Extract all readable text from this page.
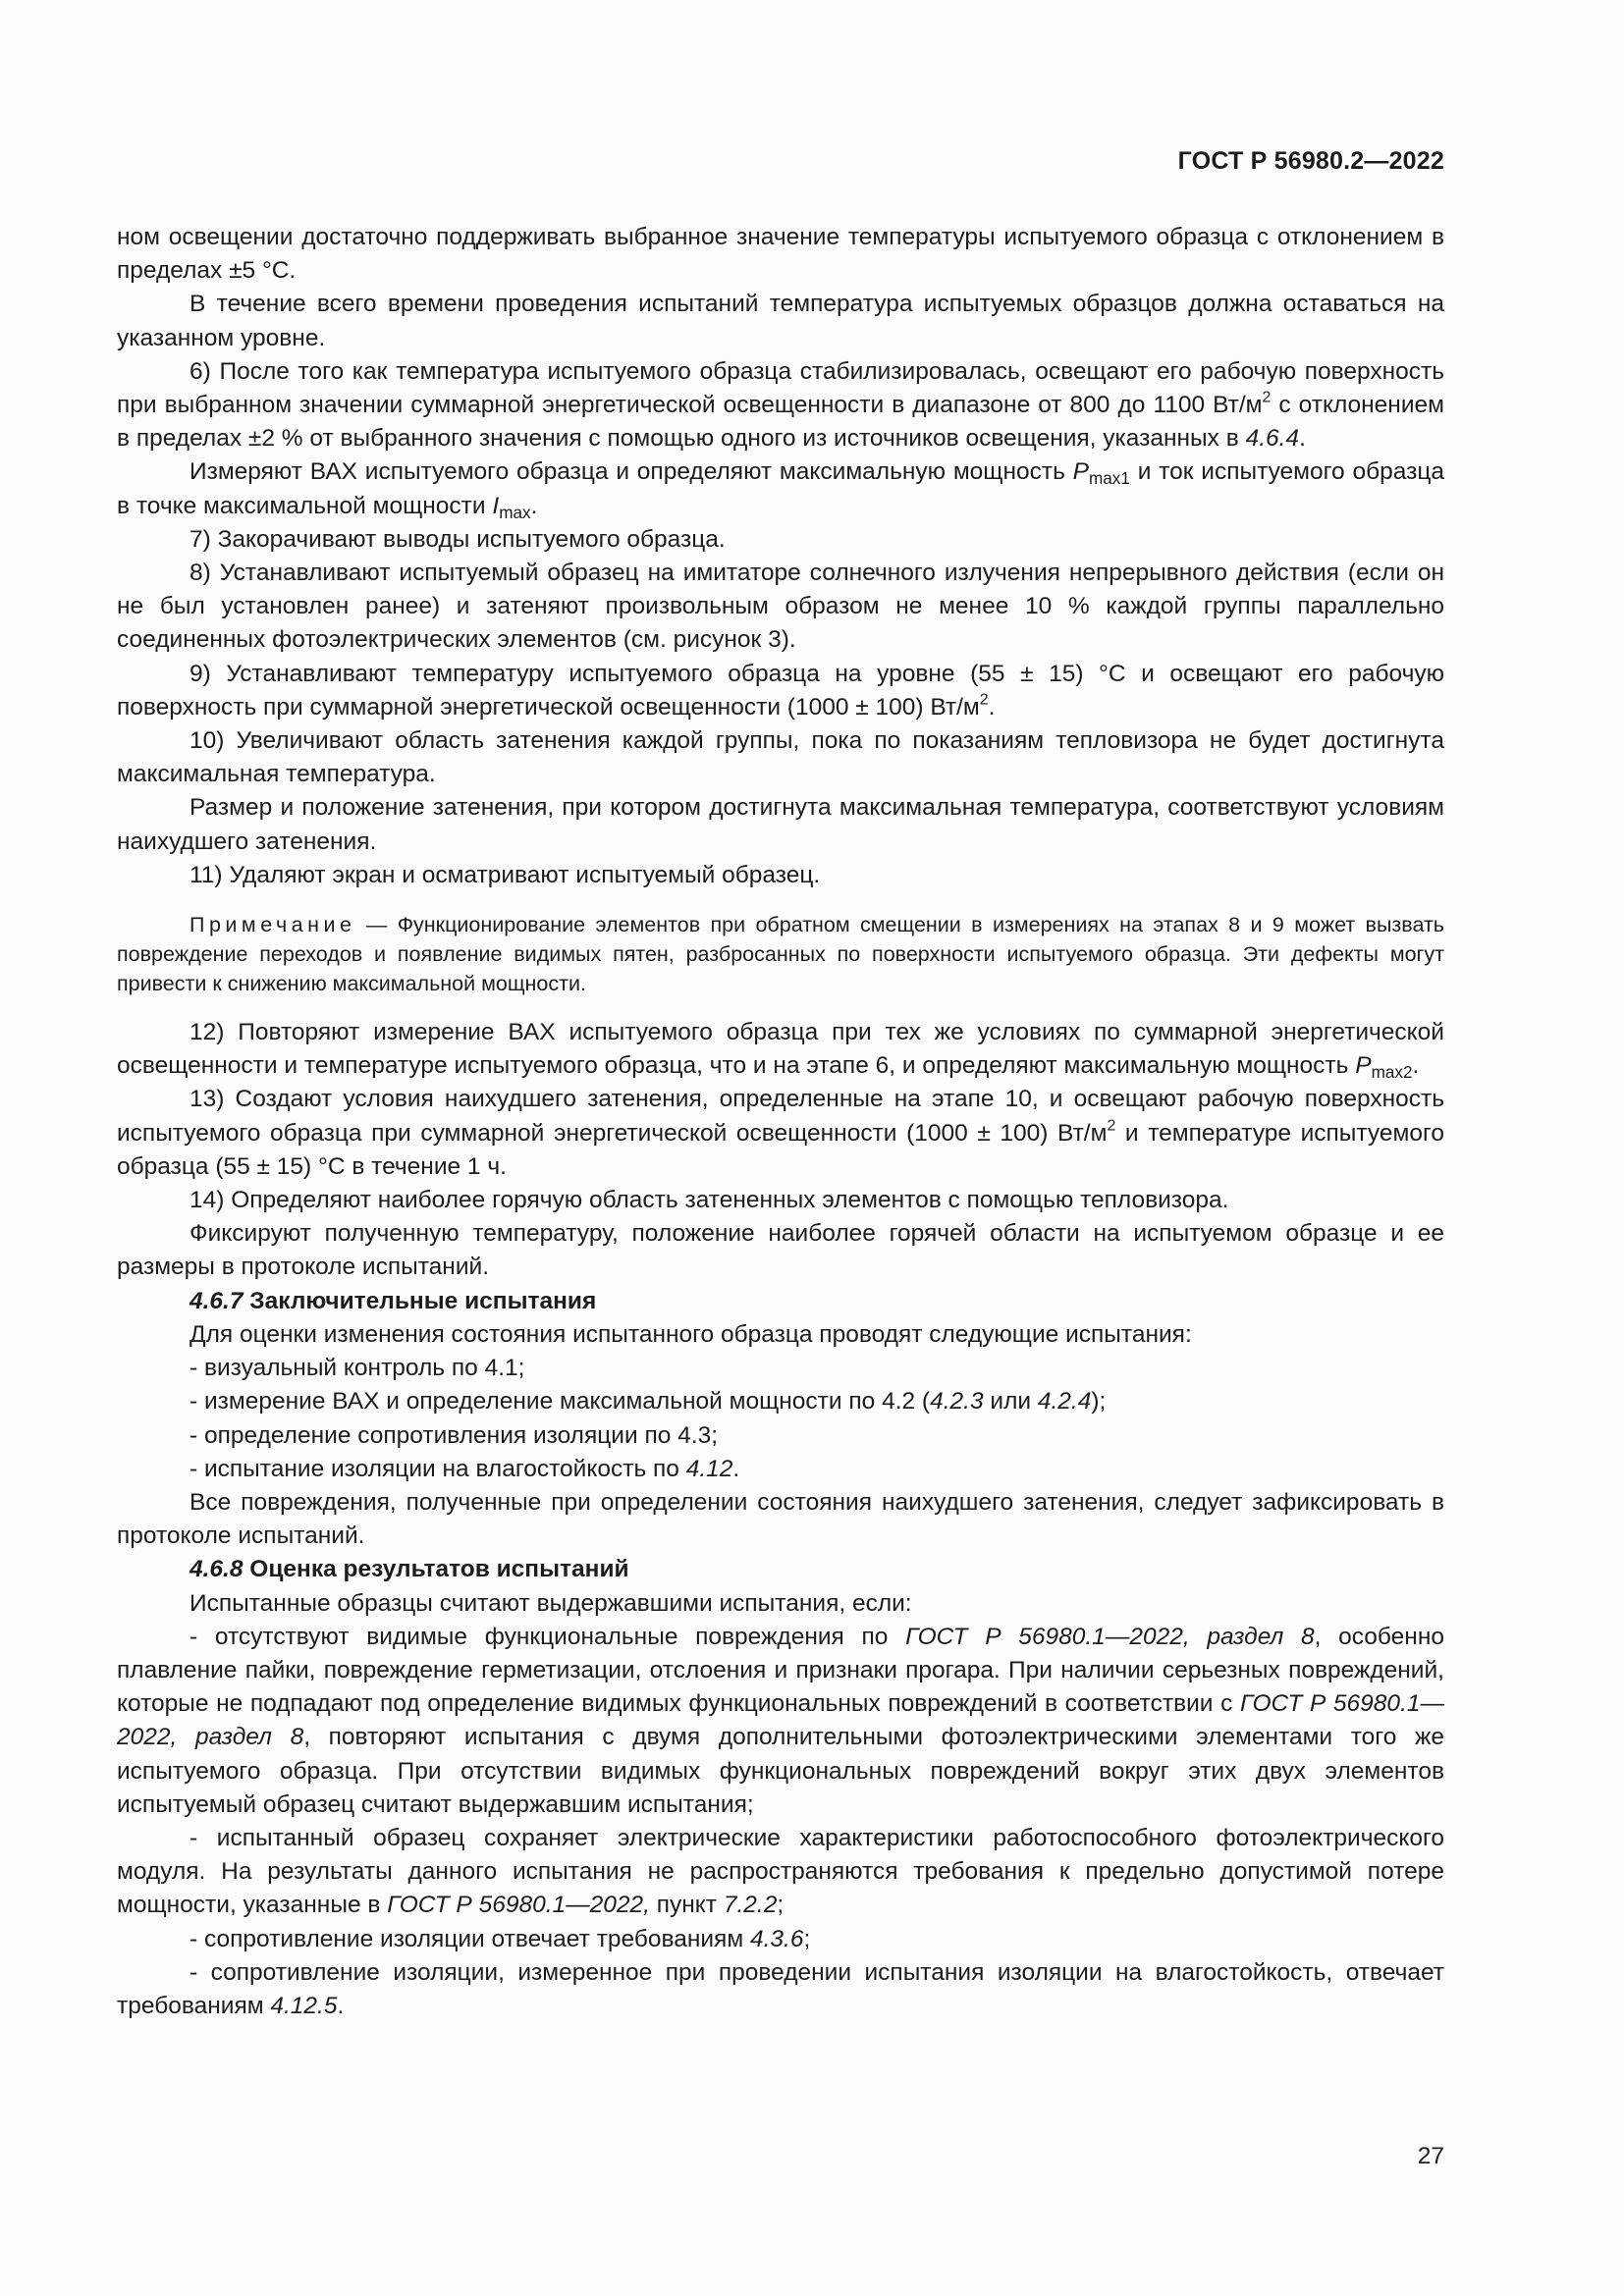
ГОСТ Р 56980.2—2022

ном освещении достаточно поддерживать выбранное значение температуры испытуемого образца с отклонением в пределах ±5 °С.

В течение всего времени проведения испытаний температура испытуемых образцов должна оставаться на указанном уровне.

6) После того как температура испытуемого образца стабилизировалась, освещают его рабочую поверхность при выбранном значении суммарной энергетической освещенности в диапазоне от 800 до 1100 $Вт/м^2$ с отклонением в пределах ±2 % от выбранного значения с помощью одного из источников освещения, указанных в 4.6.4.

Измеряют ВАХ испытуемого образца и определяют максимальную мощность $P_{max1}$ и ток испытуемого образца в точке максимальной мощности $I_{max}$.

7) Закорачивают выводы испытуемого образца.

8) Устанавливают испытуемый образец на имитаторе солнечного излучения непрерывного действия (если он не был установлен ранее) и затеняют произвольным образом не менее 10 % каждой группы параллельно соединенных фотоэлектрических элементов (см. рисунок 3).

9) Устанавливают температуру испытуемого образца на уровне (55 ± 15) °С и освещают его рабочую поверхность при суммарной энергетической освещенности (1000 ± 100) $Вт/м^2$.

10) Увеличивают область затенения каждой группы, пока по показаниям тепловизора не будет достигнута максимальная температура.

Размер и положение затенения, при котором достигнута максимальная температура, соответствуют условиям наихудшего затенения.

11) Удаляют экран и осматривают испытуемый образец.

Примечание — Функционирование элементов при обратном смещении в измерениях на этапах 8 и 9 может вызвать повреждение переходов и появление видимых пятен, разбросанных по поверхности испытуемого образца. Эти дефекты могут привести к снижению максимальной мощности.

12) Повторяют измерение ВАХ испытуемого образца при тех же условиях по суммарной энергетической освещенности и температуре испытуемого образца, что и на этапе 6, и определяют максимальную мощность $P_{max2}$.

13) Создают условия наихудшего затенения, определенные на этапе 10, и освещают рабочую поверхность испытуемого образца при суммарной энергетической освещенности (1000 ± 100) $Вт/м^2$ и температуре испытуемого образца (55 ± 15) °С в течение 1 ч.

14) Определяют наиболее горячую область затененных элементов с помощью тепловизора.

Фиксируют полученную температуру, положение наиболее горячей области на испытуемом образце и ее размеры в протоколе испытаний.

4.6.7 Заключительные испытания

Для оценки изменения состояния испытанного образца проводят следующие испытания:

- визуальный контроль по 4.1;

- измерение ВАХ и определение максимальной мощности по 4.2 (4.2.3 или 4.2.4);

- определение сопротивления изоляции по 4.3;

- испытание изоляции на влагостойкость по 4.12.

Все повреждения, полученные при определении состояния наихудшего затенения, следует зафиксировать в протоколе испытаний.

4.6.8 Оценка результатов испытаний

Испытанные образцы считают выдержавшими испытания, если:

- отсутствуют видимые функциональные повреждения по ГОСТ Р 56980.1—2022, раздел 8, особенно плавление пайки, повреждение герметизации, отслоения и признаки прогара. При наличии серьезных повреждений, которые не подпадают под определение видимых функциональных повреждений в соответствии с ГОСТ Р 56980.1—2022, раздел 8, повторяют испытания с двумя дополнительными фотоэлектрическими элементами того же испытуемого образца. При отсутствии видимых функциональных повреждений вокруг этих двух элементов испытуемый образец считают выдержавшим испытания;

- испытанный образец сохраняет электрические характеристики работоспособного фотоэлектрического модуля. На результаты данного испытания не распространяются требования к предельно допустимой потере мощности, указанные в ГОСТ Р 56980.1—2022, пункт 7.2.2;

- сопротивление изоляции отвечает требованиям 4.3.6;

- сопротивление изоляции, измеренное при проведении испытания изоляции на влагостойкость, отвечает требованиям 4.12.5.

27
